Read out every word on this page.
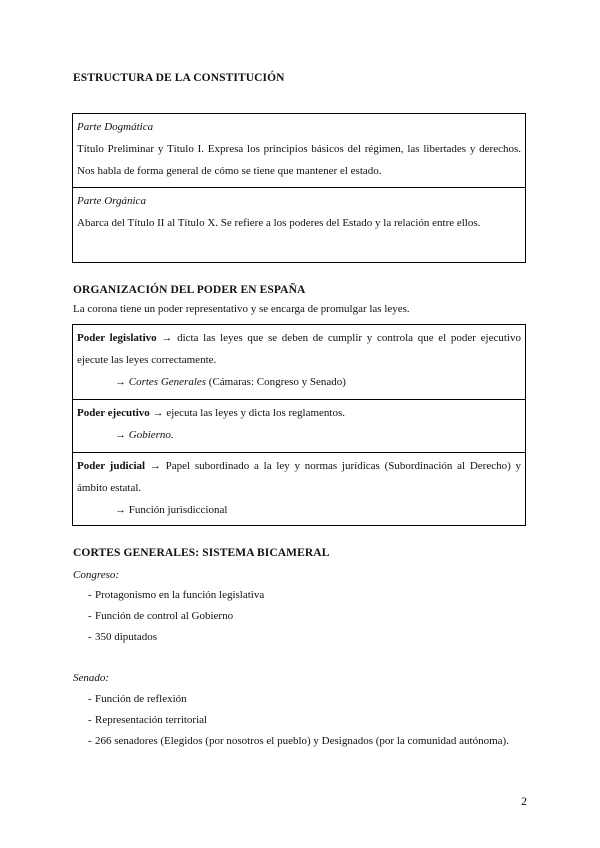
ESTRUCTURA DE LA CONSTITUCIÓN

Parte Dogmática

Título Preliminar y Título I. Expresa los principios básicos del régimen, las libertades y derechos. Nos habla de forma general de cómo se tiene que mantener el estado.

Parte Orgánica

Abarca del Título II al Título X. Se refiere a los poderes del Estado y la relación entre ellos.

ORGANIZACIÓN DEL PODER EN ESPAÑA
La corona tiene un poder representativo y se encarga de promulgar las leyes.

Poder legislativo → dicta las leyes que se deben de cumplir y controla que el poder ejecutivo ejecute las leyes correctamente.

→ Cortes Generales (Cámaras: Congreso y Senado)

Poder ejecutivo → ejecuta las leyes y dicta los reglamentos.

→ Gobierno.

Poder judicial → Papel subordinado a la ley y normas jurídicas (Subordinación al Derecho) y ámbito estatal.

→ Función jurisdiccional

CORTES GENERALES: SISTEMA BICAMERAL
Congreso:
- Protagonismo en la función legislativa
- Función de control al Gobierno
- 350 diputados
Senado:
- Función de reflexión
- Representación territorial
- 266 senadores (Elegidos (por nosotros el pueblo) y Designados (por la comunidad autónoma).
2
